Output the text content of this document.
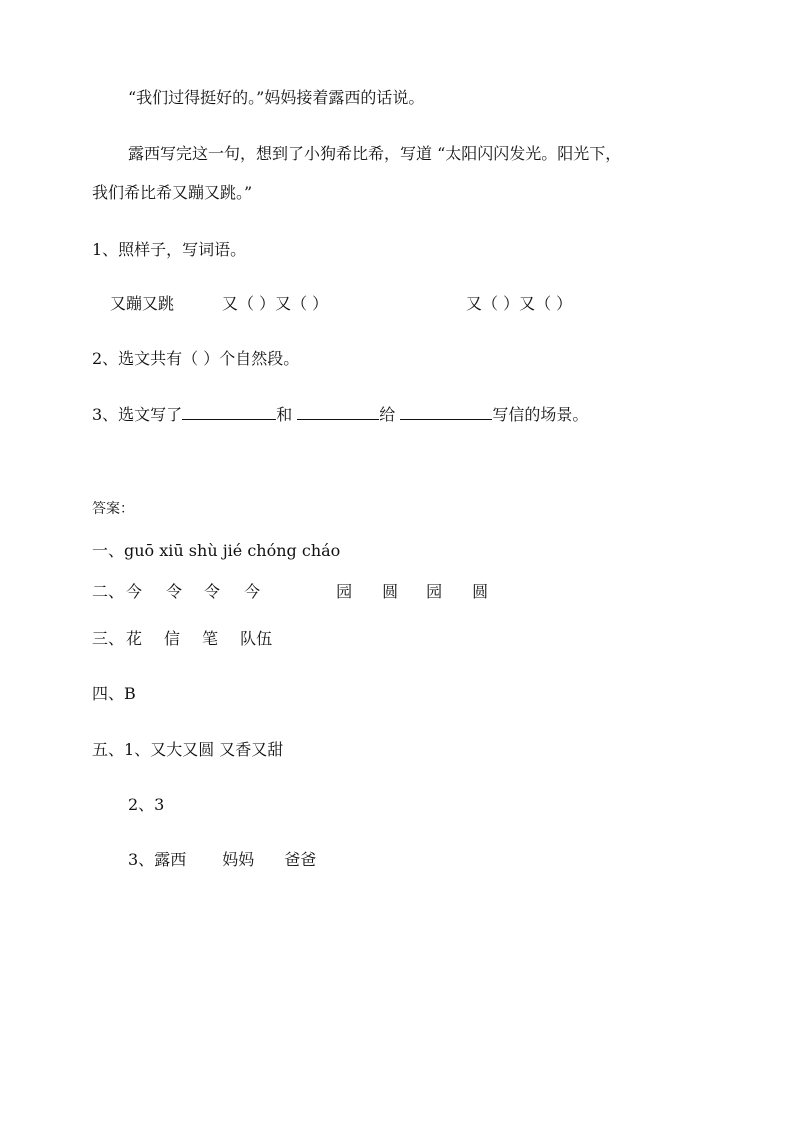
“我们过得挺好的。”妈妈接着露西的话说。
露西写完这一句，想到了小狗希比希，写道 “太阳闪闪发光。阳光下，
我们希比希又蹦又跳。”
1、照样子，写词语。
又蹦又跳	又（ ）又（ ）	又（ ）又（ ）
2、选文共有（ ）个自然段。
3、选文写了	和	给	写信的场景。
答案：
一、guō xiū shù jié chóng cháo
二、 今 令 令 今	园 圆 园 圆
三、 花 信 笔 队伍
四、B
五、1、又大又圆 又香又甜
2、3
3、露西 妈妈 爸爸
